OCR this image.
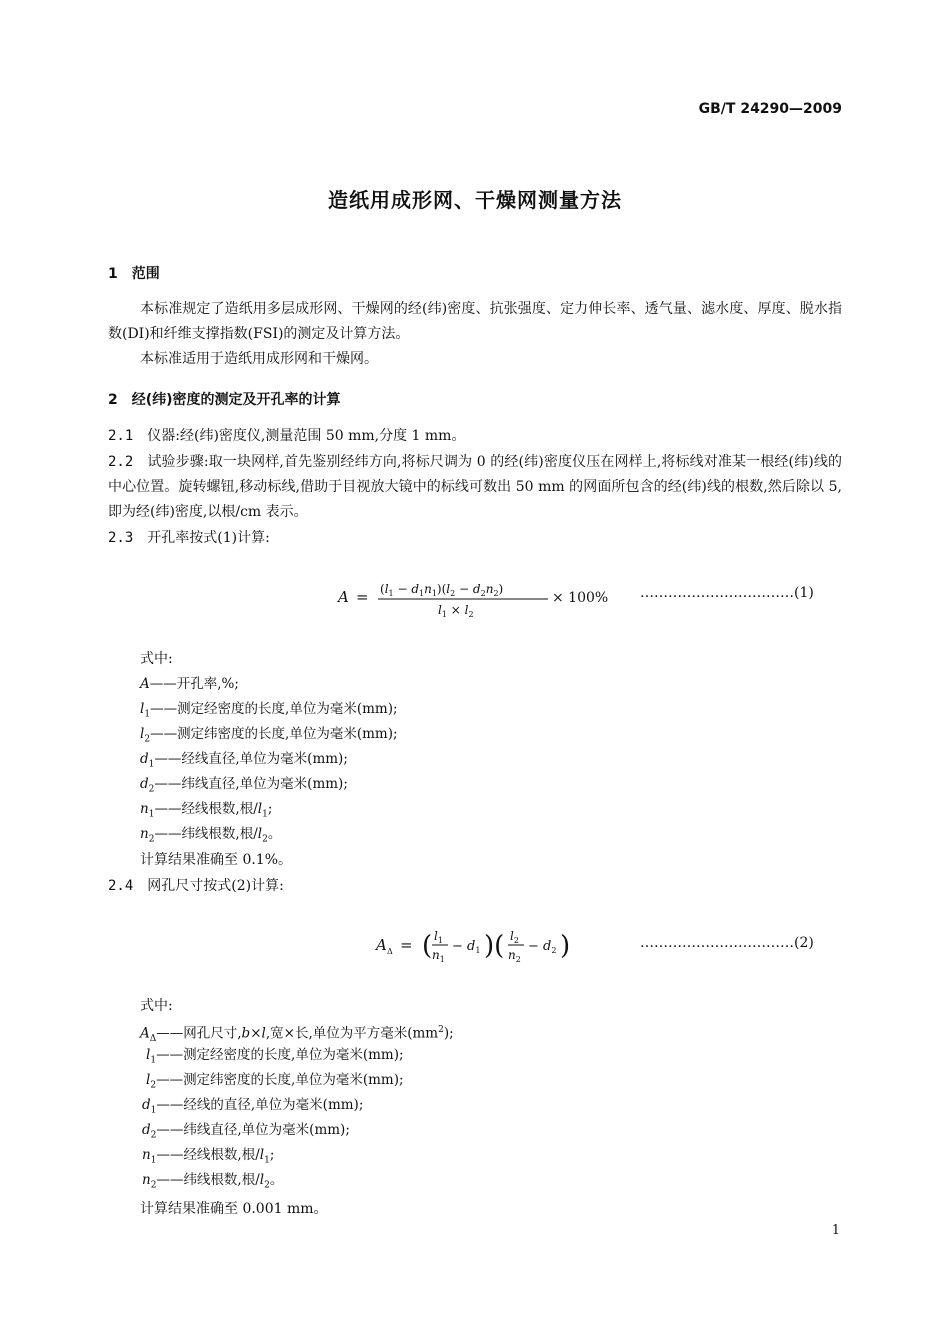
GB/T 24290—2009
造纸用成形网、干燥网测量方法
1　范围
本标准规定了造纸用多层成形网、干燥网的经(纬)密度、抗张强度、定力伸长率、透气量、滤水度、厚度、脱水指数(DI)和纤维支撑指数(FSI)的测定及计算方法。
本标准适用于造纸用成形网和干燥网。
2　经(纬)密度的测定及开孔率的计算
2.1 仪器:经(纬)密度仪,测量范围 50 mm,分度 1 mm。
2.2 试验步骤:取一块网样,首先鉴别经纬方向,将标尺调为 0 的经(纬)密度仪压在网样上,将标线对准某一根经(纬)线的中心位置。旋转螺钮,移动标线,借助于目视放大镜中的标线可数出 50 mm 的网面所包含的经(纬)线的根数,然后除以 5,即为经(纬)密度,以根/cm 表示。
2.3 开孔率按式(1)计算:
$A = (l_1 - d_1n_1)(l_2 - d_2n_2)$
$l_1 \times l_2$
× 100% ……………………………(1)
式中:
A——开孔率,%;
$l_1——$测定经密度的长度,单位为毫米(mm);
$l_2——$测定纬密度的长度,单位为毫米(mm);
$d_1——$经线直径,单位为毫米(mm);
$d_2——$纬线直径,单位为毫米(mm);
$n_1——$经线根数,根$/l_1$;
$n_2——$纬线根数,根$/l_2$。
计算结果准确至 0.1%。
2.4 网孔尺寸按式(2)计算:
A Δ = ( $l_1$
$n_1$
− $d_1$ )( $l_2$
$n_2$
− $d_2$ )	……………………………(2)
式中:
$A_\Delta——$网孔尺寸,b×l,宽×长,单位为平方毫米$(mm^2)$;
$l_1——$测定经密度的长度,单位为毫米(mm);
$l_2——$测定纬密度的长度,单位为毫米(mm);
$d_1——$经线的直径,单位为毫米(mm);
$d_2——$纬线直径,单位为毫米(mm);
$n_1——$经线根数,根$/l_1$;
$n_2——$纬线根数,根$/l_2$。
计算结果准确至 0.001 mm。
1
